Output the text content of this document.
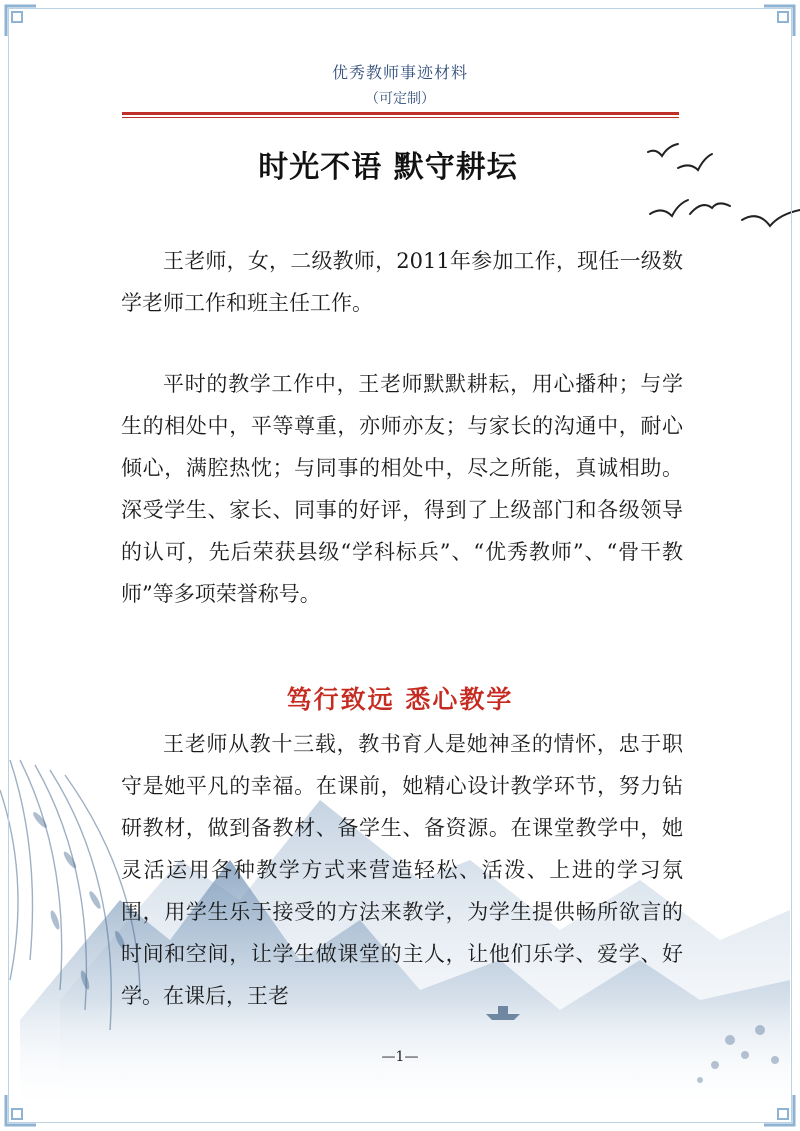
优秀教师事迹材料
（可定制）
时光不语 默守耕坛

王老师，女，二级教师，2011年参加工作，现任一级数学老师工作和班主任工作。

平时的教学工作中，王老师默默耕耘，用心播种；与学生的相处中，平等尊重，亦师亦友；与家长的沟通中，耐心倾心，满腔热忱；与同事的相处中，尽之所能，真诚相助。深受学生、家长、同事的好评，得到了上级部门和各级领导的认可，先后荣获县级“学科标兵”、“优秀教师”、“骨干教师”等多项荣誉称号。

笃行致远 悉心教学

王老师从教十三载，教书育人是她神圣的情怀，忠于职守是她平凡的幸福。在课前，她精心设计教学环节，努力钻研教材，做到备教材、备学生、备资源。在课堂教学中，她灵活运用各种教学方式来营造轻松、活泼、上进的学习氛围，用学生乐于接受的方法来教学，为学生提供畅所欲言的时间和空间，让学生做课堂的主人，让他们乐学、爱学、好学。在课后，王老

—1—
